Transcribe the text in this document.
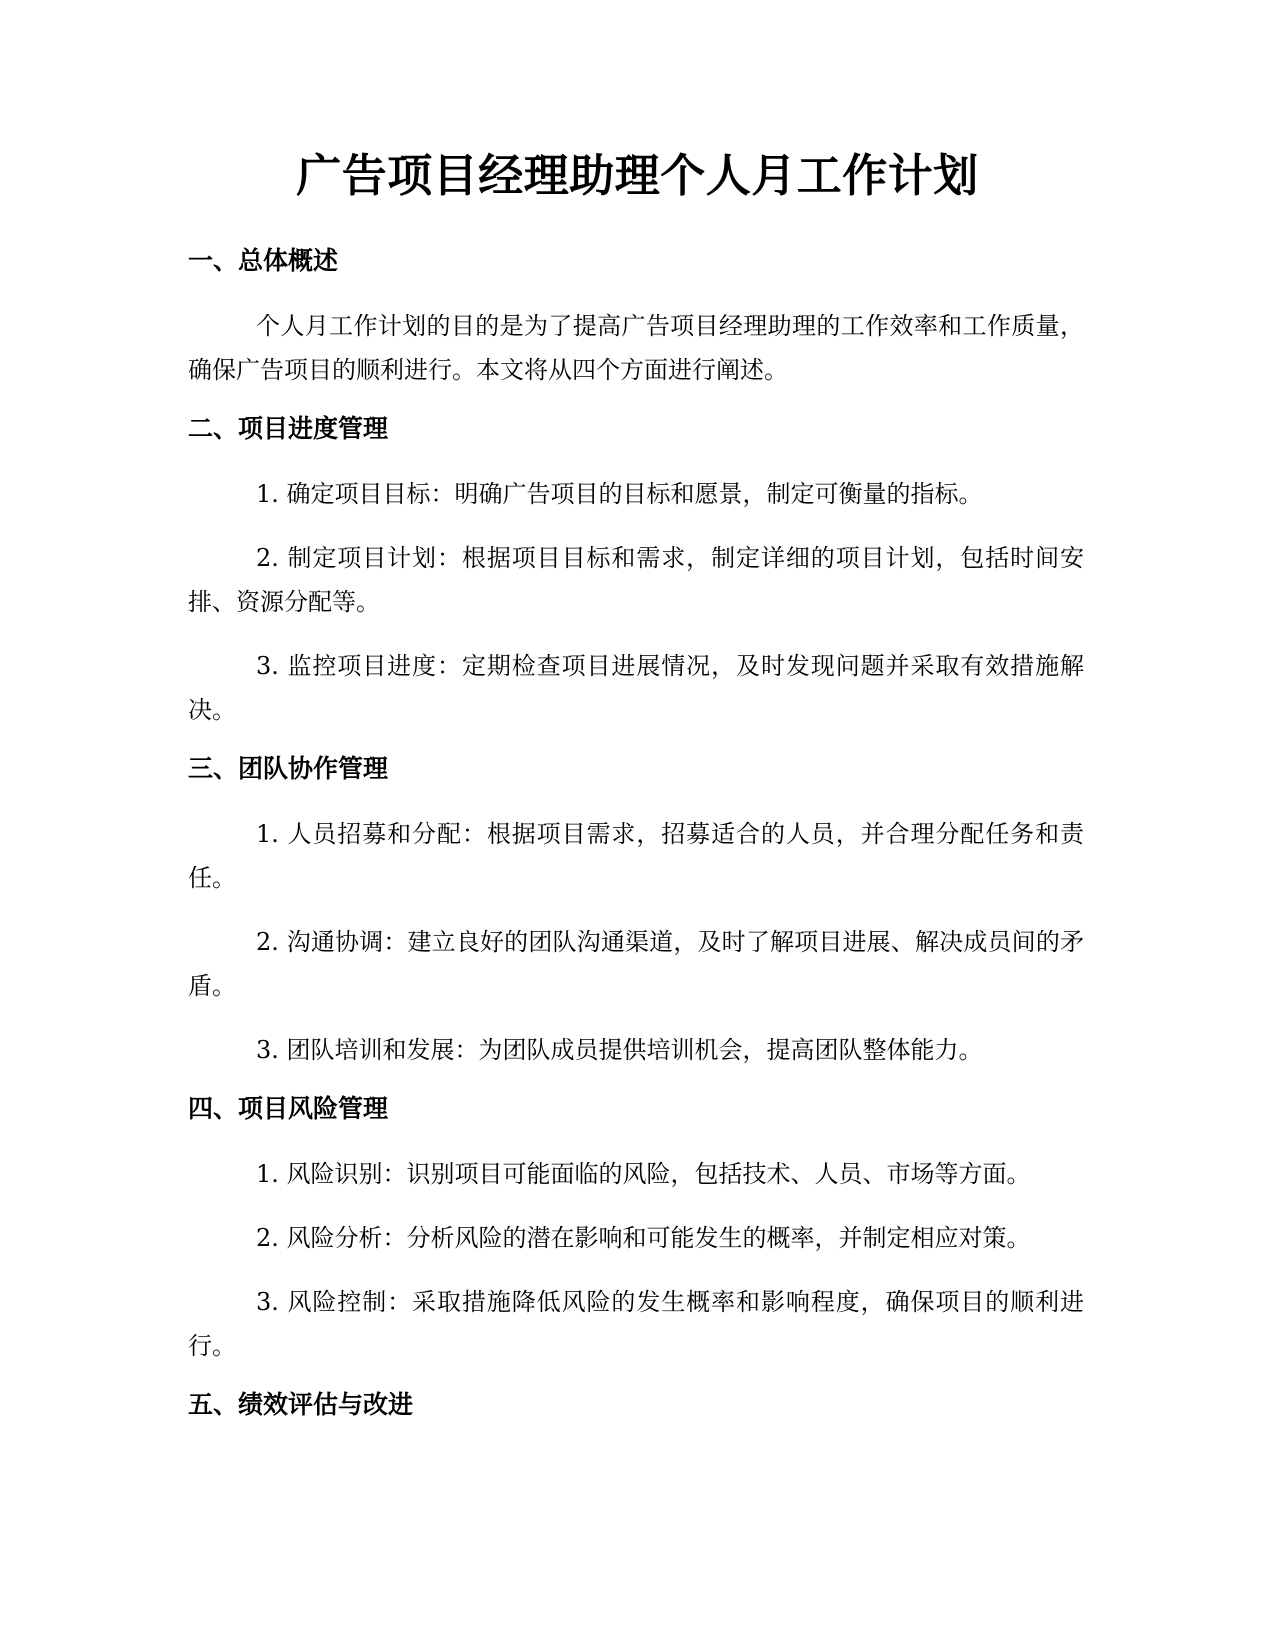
广告项目经理助理个人月工作计划
一、总体概述

个人月工作计划的目的是为了提高广告项目经理助理的工作效率和工作质量，确保广告项目的顺利进行。本文将从四个方面进行阐述。

二、项目进度管理

1. 确定项目目标：明确广告项目的目标和愿景，制定可衡量的指标。

2. 制定项目计划：根据项目目标和需求，制定详细的项目计划，包括时间安排、资源分配等。

3. 监控项目进度：定期检查项目进展情况，及时发现问题并采取有效措施解决。

三、团队协作管理

1. 人员招募和分配：根据项目需求，招募适合的人员，并合理分配任务和责任。

2. 沟通协调：建立良好的团队沟通渠道，及时了解项目进展、解决成员间的矛盾。

3. 团队培训和发展：为团队成员提供培训机会，提高团队整体能力。

四、项目风险管理

1. 风险识别：识别项目可能面临的风险，包括技术、人员、市场等方面。

2. 风险分析：分析风险的潜在影响和可能发生的概率，并制定相应对策。

3. 风险控制：采取措施降低风险的发生概率和影响程度，确保项目的顺利进行。

五、绩效评估与改进
